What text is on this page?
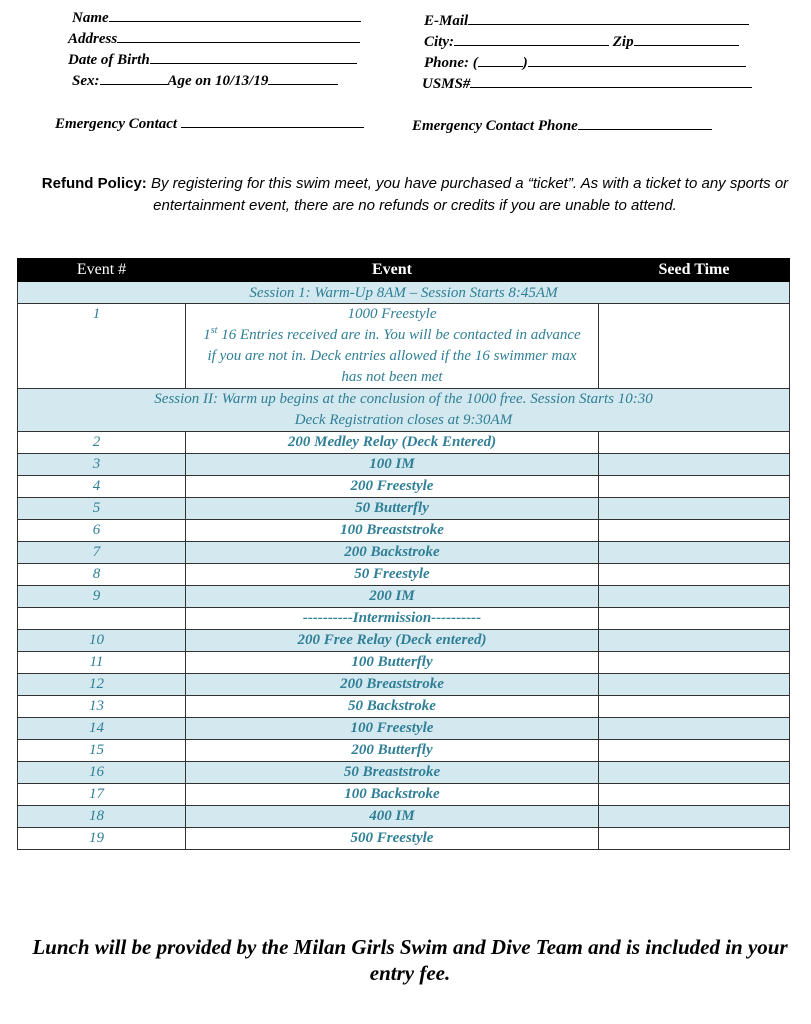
Name
Address
Date of Birth
Sex:	Age on 10/13/19
E-Mail
City:	Zip
Phone: (	)
USMS#
Emergency Contact	Emergency Contact Phone
Refund Policy: By registering for this swim meet, you have purchased a “ticket”. As with a ticket to any sports or entertainment event, there are no refunds or credits if you are unable to attend.
Event #	Event	Seed Time
Session 1: Warm-Up 8AM – Session Starts 8:45AM		
1	1000 Freestyle
1st 16 Entries received are in. You will be contacted in advance if you are not in. Deck entries allowed if the 16 swimmer max has not been met	

Session II: Warm up begins at the conclusion of the 1000 free. Session Starts 10:30
Deck Registration closes at 9:30AM		

2	200 Medley Relay (Deck Entered)	
3	100 IM	
4	200 Freestyle	
5	50 Butterfly	
6	100 Breaststroke	
7	200 Backstroke	
8	50 Freestyle	
9	200 IM	
	----------Intermission----------	
10	200 Free Relay (Deck entered)	
11	100 Butterfly	
12	200 Breaststroke	
13	50 Backstroke	
14	100 Freestyle	
15	200 Butterfly	
16	50 Breaststroke	
17	100 Backstroke	
18	400 IM	
19	500 Freestyle	
Lunch will be provided by the Milan Girls Swim and Dive Team and is included in your entry fee.
